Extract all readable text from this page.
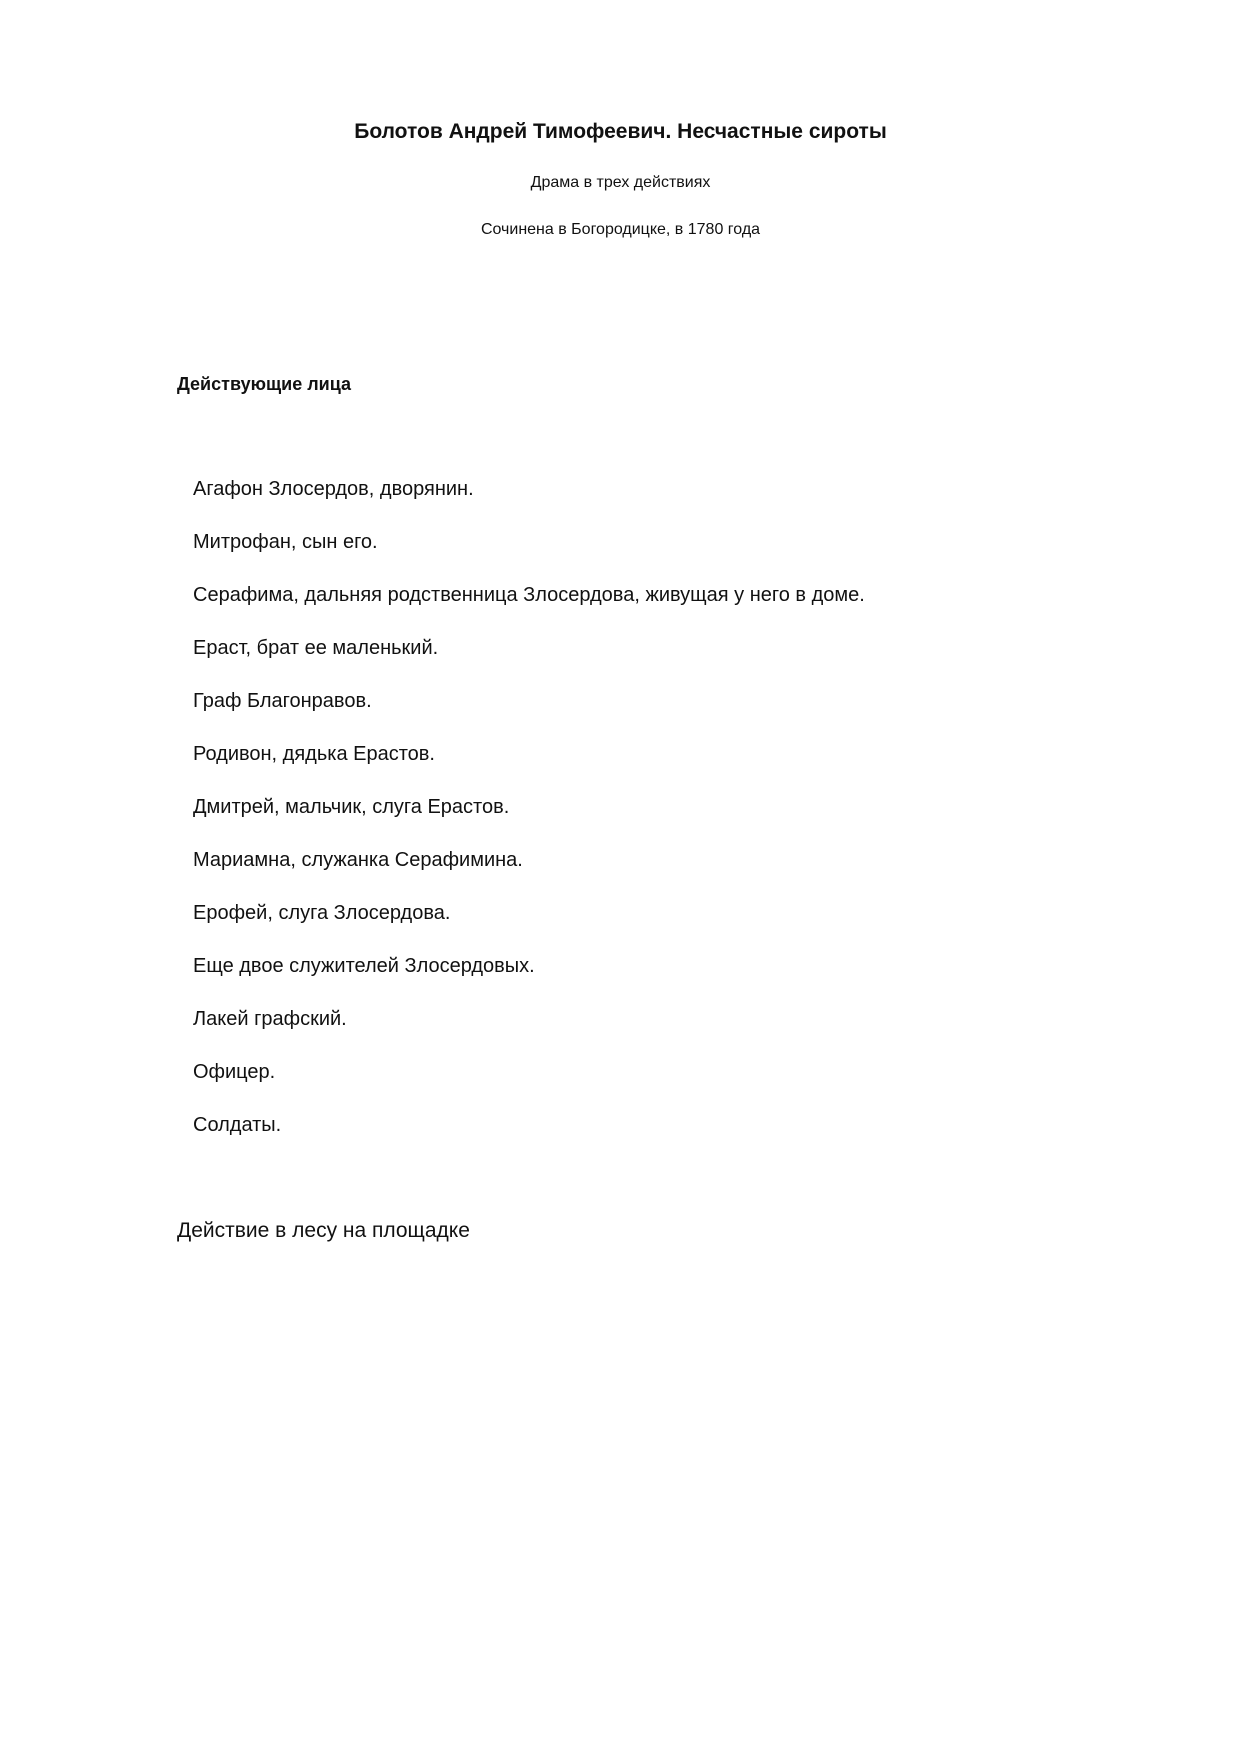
Болотов Андрей Тимофеевич. Несчастные сироты
Драма в трех действиях
Сочинена в Богородицке, в 1780 года
Действующие лица
Агафон Злосердов, дворянин.
Митрофан, сын его.
Серафима, дальняя родственница Злосердова, живущая у него в доме.
Ераст, брат ее маленький.
Граф Благонравов.
Родивон, дядька Ерастов.
Дмитрей, мальчик, слуга Ерастов.
Мариамна, служанка Серафимина.
Ерофей, слуга Злосердова.
Еще двое служителей Злосердовых.
Лакей графский.
Офицер.
Солдаты.
Действие в лесу на площадке
